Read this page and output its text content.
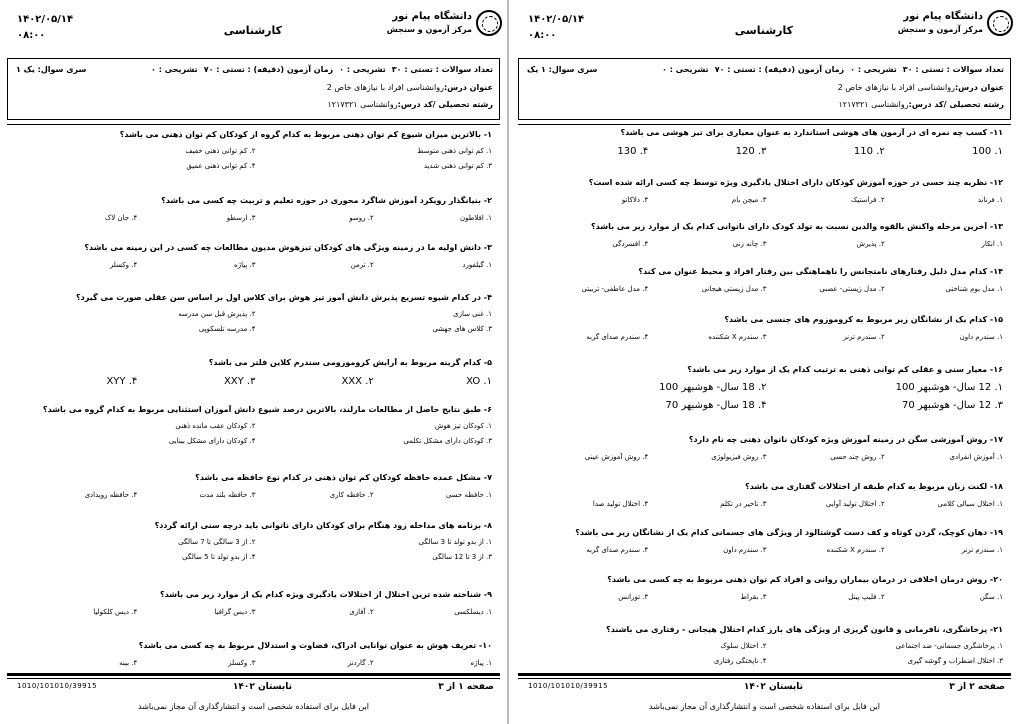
دانشگاه پیام نور
مرکز آزمون و سنجش
کارشناسی
۱۴۰۲/۰۵/۱۴
۰۸:۰۰
تعداد سوالات : تستی : ۳۰تشریحی : ۰زمان آزمون (دقیقه) : تستی : ۷۰تشریحی : ۰
سری سوال: ۱ یک
عنوان درس:روانشناسی افراد با نیازهای خاص 2
رشته تحصیلی /کد درس:روانشناسی ۱۲۱۷۳۲۱
۱۱- کسب چه نمره ای در آزمون های هوشی استاندارد به عنوان معیاری برای تیز هوشی می باشد؟
۱. 100
۲. 110
۳. 120
۴. 130
۱۲- نظریه چند حسی در حوزه آموزش کودکان دارای اختلال یادگیری ویژه توسط چه کسی ارائه شده است؟
۱. فرناند
۲. فراستیک
۳. میچن بام
۴. دلاکاتو
۱۳- آخرین مرحله واکنش بالقوه والدین نسبت به تولد کودک دارای ناتوانی کدام یک از موارد زیر می باشد؟
۱. انکار
۲. پذیرش
۳. چانه زنی
۴. افسردگی
۱۴- کدام مدل دلیل رفتارهای نامتجانس را ناهماهنگی بین رفتار افراد و محیط عنوان می کند؟
۱. مدل بوم شناختی
۲. مدل زیستی- عصبی
۳. مدل زیستی هیجانی
۴. مدل عاطفی- تربیتی
۱۵- کدام یک از نشانگان زیر مربوط به کروموزوم های جنسی می باشد؟
۱. سندرم داون
۲. سندرم ترنر
۳. سندرم X شکننده
۴. سندرم صدای گربه
۱۶- معیار سنی و عقلی کم توانی ذهنی به ترتیب کدام یک از موارد زیر می باشد؟
۱. 12 سال- هوشبهر 100
۲. 18 سال- هوشبهر 100
۳. 12 سال- هوشبهر 70
۴. 18 سال- هوشبهر 70
۱۷- روش آموزشی سگن در زمینه آموزش ویژه کودکان ناتوان ذهنی چه نام دارد؟
۱. آموزش انفرادی
۲. روش چند حسی
۳. روش فیزیولوژی
۴. روش آموزش عینی
۱۸- لکنت زبان مربوط به کدام طبقه از اختلالات گفتاری می باشد؟
۱. اختلال سیالی کلامی
۲. اختلال تولید آوایی
۳. تاخیر در تکلم
۴. اختلال تولید صدا
۱۹- دهان کوچک، گردن کوتاه و کف دست گوشتالود از ویژگی های جسمانی کدام یک از نشانگان زیر می باشد؟
۱. سندرم ترنر
۲. سندرم X شکننده
۳. سندرم داون
۴. سندرم صدای گربه
۲۰- روش درمان اخلاقی در درمان بیماران روانی و افراد کم توان ذهنی مربوط به چه کسی می باشد؟
۱. سگن
۲. فلیپ پینل
۳. بقراط
۴. تورانس
۲۱- پرخاشگری، نافرمانی و قانون گریزی از ویژگی های بارز کدام اختلال هیجانی - رفتاری می باشند؟
۱. پرخاشگری جسمانی- ضد اجتماعی
۲. اختلال سلوک
۳. اختلال اضطراب و گوشه گیری
۴. ناپختگی رفتاری
صفحه ۲ از ۳
تابستان ۱۴۰۲
1010/101010/39915
این فایل برای استفاده شخصی است و انتشارگذاری آن مجاز نمی‌باشد
دانشگاه پیام نور
مرکز آزمون و سنجش
کارشناسی
۱۴۰۲/۰۵/۱۴
۰۸:۰۰
تعداد سوالات : تستی : ۳۰تشریحی : ۰زمان آزمون (دقیقه) : تستی : ۷۰تشریحی : ۰
سری سوال: یک ۱
عنوان درس:روانشناسی افراد با نیازهای خاص 2
رشته تحصیلی /کد درس:روانشناسی ۱۲۱۷۳۲۱
۱- بالاترین میزان شیوع کم توان ذهنی مربوط به کدام گروه از کودکان کم توان ذهنی می باشد؟
۱. کم توانی ذهنی متوسط
۲. کم توانی ذهنی خفیف
۳. کم توانی ذهنی شدید
۴. کم توانی ذهنی عمیق
۲- بنیانگذار رویکرد آموزش شاگرد محوری در حوزه تعلیم و تربیت چه کسی می باشد؟
۱. افلاطون
۲. روسو
۳. ارسطو
۴. جان لاک
۳- دانش اولیه ما در زمینه ویژگی های کودکان تیزهوش مدیون مطالعات چه کسی در این زمینه می باشد؟
۱. گیلفورد
۲. ترمن
۳. پیاژه
۴. وکسلر
۴- در کدام شیوه تسریع پذیرش دانش آموز تیز هوش برای کلاس اول بر اساس سن عقلی صورت می گیرد؟
۱. غنی سازی
۲. پذیرش قبل سن مدرسه
۳. کلاس های جهشی
۴. مدرسه تلسکوپی
۵- کدام گزینه مربوط به آرایش کروموزومی سندرم کلاین فلتر می باشد؟
۱. XO
۲. XXX
۳. XXY
۴. XYY
۶- طبق نتایج حاصل از مطالعات مارلند، بالاترین درصد شیوع دانش آموزان استثنایی مربوط به کدام گروه می باشد؟
۱. کودکان تیز هوش
۲. کودکان عقب مانده ذهنی
۳. کودکان دارای مشکل تکلمی
۴. کودکان دارای مشکل بینایی
۷- مشکل عمده حافظه کودکان کم توان ذهنی در کدام نوع حافظه می باشد؟
۱. حافظه حسی
۲. حافظه کاری
۳. حافظه بلند مدت
۴. حافظه رویدادی
۸- برنامه های مداخله زود هنگام برای کودکان دارای ناتوانی باید درچه سنی ارائه گردد؟
۱. از بدو تولد تا 3 سالگی
۲. از 3 سالگی تا 7 سالگی
۳. از 3 تا 12 سالگی
۴. از بدو تولد تا 5 سالگی
۹- شناخته شده ترین اختلال از اختلالات یادگیری ویژه کدام یک از موارد زیر می باشد؟
۱. دیسلکسی
۲. آفازی
۳. دیس گرافیا
۴. دیس کلکولیا
۱۰- تعریف هوش به عنوان توانایی ادراک، قضاوت و استدلال مربوط به چه کسی می باشد؟
۱. پیاژه
۲. گاردنر
۳. وکسلر
۴. بینه
صفحه ۱ از ۳
تابستان ۱۴۰۲
1010/101010/39915
این فایل برای استفاده شخصی است و انتشارگذاری آن مجاز نمی‌باشد
